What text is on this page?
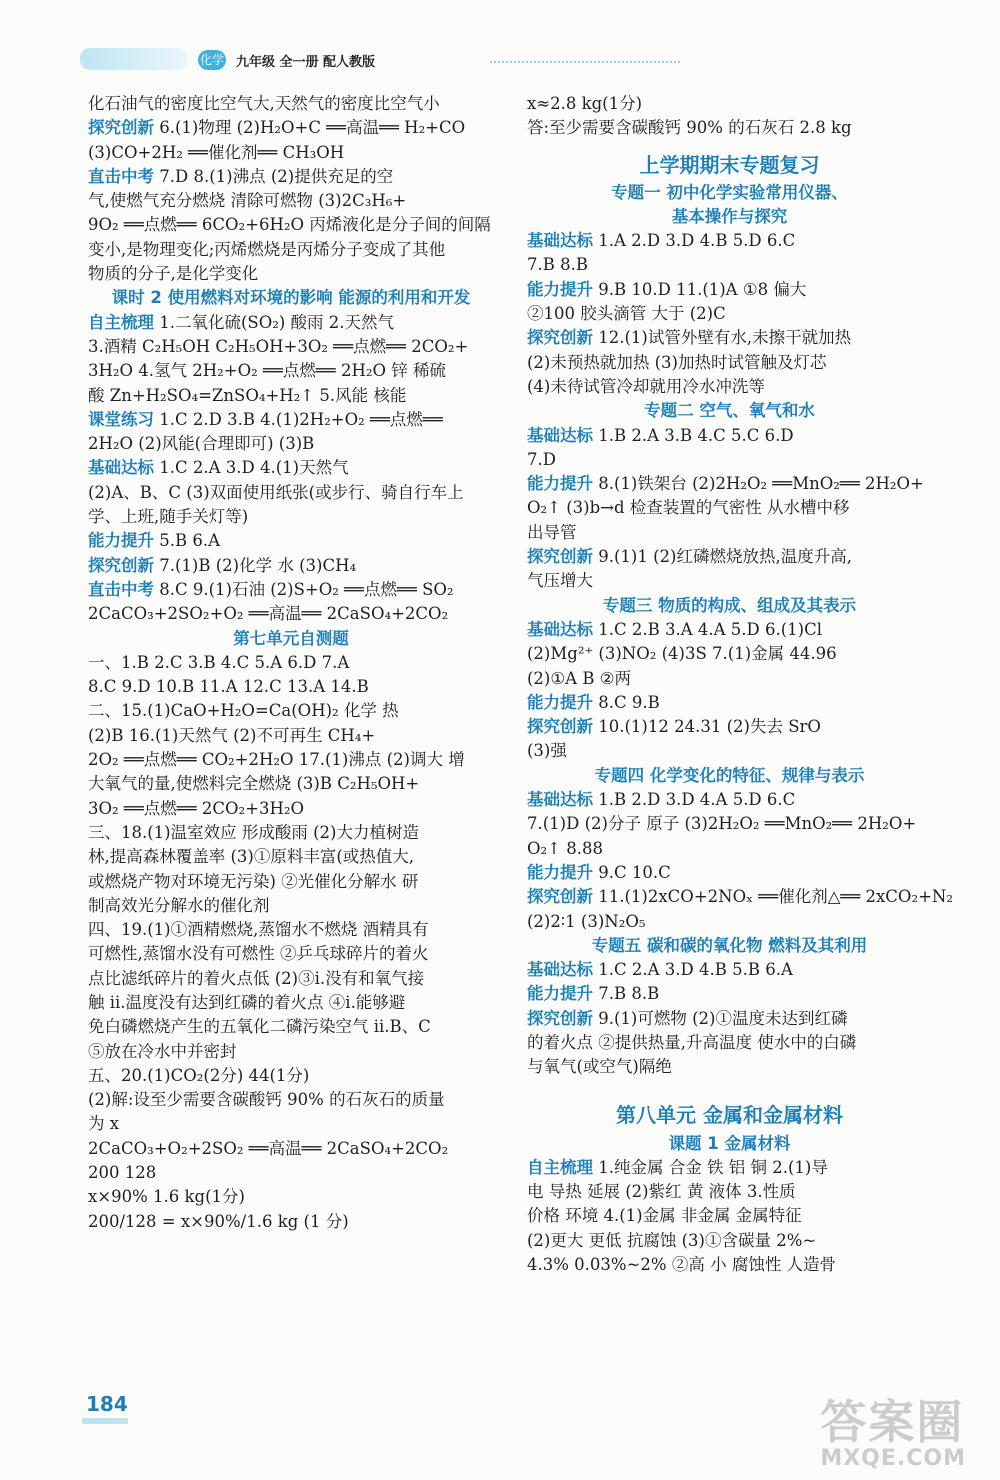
化学 九年级 全一册 配人教版
化石油气的密度比空气大,天然气的密度比空气小
探究创新 6.(1)物理 (2)H₂O+C ══高温══ H₂+CO
(3)CO+2H₂ ══催化剂══ CH₃OH
直击中考 7.D 8.(1)沸点 (2)提供充足的空
气,使燃气充分燃烧 清除可燃物 (3)2C₃H₆+
9O₂ ══点燃══ 6CO₂+6H₂O 丙烯液化是分子间的间隔
变小,是物理变化;丙烯燃烧是丙烯分子变成了其他
物质的分子,是化学变化
课时 2 使用燃料对环境的影响 能源的利用和开发
自主梳理 1.二氧化硫(SO₂) 酸雨 2.天然气
3.酒精 C₂H₅OH C₂H₅OH+3O₂ ══点燃══ 2CO₂+
3H₂O 4.氢气 2H₂+O₂ ══点燃══ 2H₂O 锌 稀硫
酸 Zn+H₂SO₄=ZnSO₄+H₂↑ 5.风能 核能
课堂练习 1.C 2.D 3.B 4.(1)2H₂+O₂ ══点燃══
2H₂O (2)风能(合理即可) (3)B
基础达标 1.C 2.A 3.D 4.(1)天然气
(2)A、B、C (3)双面使用纸张(或步行、骑自行车上
学、上班,随手关灯等)
能力提升 5.B 6.A
探究创新 7.(1)B (2)化学 水 (3)CH₄
直击中考 8.C 9.(1)石油 (2)S+O₂ ══点燃══ SO₂
2CaCO₃+2SO₂+O₂ ══高温══ 2CaSO₄+2CO₂
第七单元自测题
一、1.B 2.C 3.B 4.C 5.A 6.D 7.A
8.C 9.D 10.B 11.A 12.C 13.A 14.B
二、15.(1)CaO+H₂O=Ca(OH)₂ 化学 热
(2)B 16.(1)天然气 (2)不可再生 CH₄+
2O₂ ══点燃══ CO₂+2H₂O 17.(1)沸点 (2)调大 增
大氧气的量,使燃料完全燃烧 (3)B C₂H₅OH+
3O₂ ══点燃══ 2CO₂+3H₂O
三、18.(1)温室效应 形成酸雨 (2)大力植树造
林,提高森林覆盖率 (3)①原料丰富(或热值大,
或燃烧产物对环境无污染) ②光催化分解水 研
制高效光分解水的催化剂
四、19.(1)①酒精燃烧,蒸馏水不燃烧 酒精具有
可燃性,蒸馏水没有可燃性 ②乒乓球碎片的着火
点比滤纸碎片的着火点低 (2)③ⅰ.没有和氧气接
触 ⅱ.温度没有达到红磷的着火点 ④ⅰ.能够避
免白磷燃烧产生的五氧化二磷污染空气 ⅱ.B、C
⑤放在冷水中并密封
五、20.(1)CO₂(2分) 44(1分)
(2)解:设至少需要含碳酸钙 90% 的石灰石的质量
为 x
2CaCO₃+O₂+2SO₂ ══高温══ 2CaSO₄+2CO₂
200 128
x×90% 1.6 kg(1分)
200/128 = x×90%/1.6 kg (1 分)
x≈2.8 kg(1分)
答:至少需要含碳酸钙 90% 的石灰石 2.8 kg
上学期期末专题复习
专题一 初中化学实验常用仪器、
基本操作与探究
基础达标 1.A 2.D 3.D 4.B 5.D 6.C
7.B 8.B
能力提升 9.B 10.D 11.(1)A ①8 偏大
②100 胶头滴管 大于 (2)C
探究创新 12.(1)试管外壁有水,未擦干就加热
(2)未预热就加热 (3)加热时试管触及灯芯
(4)未待试管冷却就用冷水冲洗等
专题二 空气、氧气和水
基础达标 1.B 2.A 3.B 4.C 5.C 6.D
7.D
能力提升 8.(1)铁架台 (2)2H₂O₂ ══MnO₂══ 2H₂O+
O₂↑ (3)b→d 检查装置的气密性 从水槽中移
出导管
探究创新 9.(1)1 (2)红磷燃烧放热,温度升高,
气压增大
专题三 物质的构成、组成及其表示
基础达标 1.C 2.B 3.A 4.A 5.D 6.(1)Cl
(2)Mg²⁺ (3)NO₂ (4)3S 7.(1)金属 44.96
(2)①A B ②两
能力提升 8.C 9.B
探究创新 10.(1)12 24.31 (2)失去 SrO
(3)强
专题四 化学变化的特征、规律与表示
基础达标 1.B 2.D 3.D 4.A 5.D 6.C
7.(1)D (2)分子 原子 (3)2H₂O₂ ══MnO₂══ 2H₂O+
O₂↑ 8.88
能力提升 9.C 10.C
探究创新 11.(1)2xCO+2NOₓ ══催化剂△══ 2xCO₂+N₂
(2)2∶1 (3)N₂O₅
专题五 碳和碳的氧化物 燃料及其利用
基础达标 1.C 2.A 3.D 4.B 5.B 6.A
能力提升 7.B 8.B
探究创新 9.(1)可燃物 (2)①温度未达到红磷
的着火点 ②提供热量,升高温度 使水中的白磷
与氧气(或空气)隔绝
第八单元 金属和金属材料
课题 1 金属材料
自主梳理 1.纯金属 合金 铁 铝 铜 2.(1)导
电 导热 延展 (2)紫红 黄 液体 3.性质
价格 环境 4.(1)金属 非金属 金属特征
(2)更大 更低 抗腐蚀 (3)①含碳量 2%~
4.3% 0.03%~2% ②高 小 腐蚀性 人造骨
184	答案圈
MXQE.COM
